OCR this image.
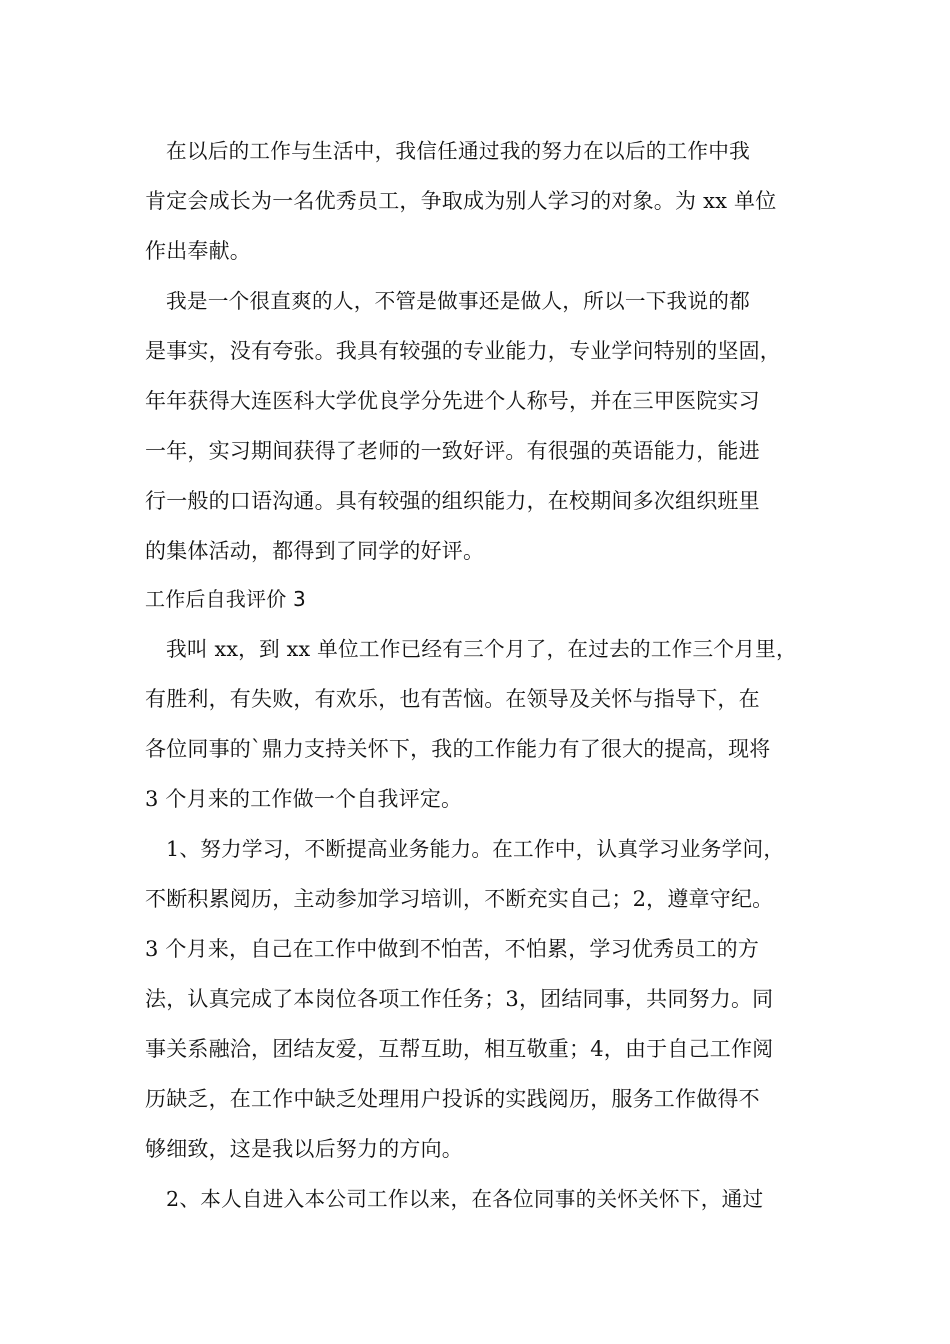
在以后的工作与生活中，我信任通过我的努力在以后的工作中我
肯定会成长为一名优秀员工，争取成为别人学习的对象。为 xx 单位
作出奉献。
我是一个很直爽的人，不管是做事还是做人，所以一下我说的都
是事实，没有夸张。我具有较强的专业能力，专业学问特别的坚固，
年年获得大连医科大学优良学分先进个人称号，并在三甲医院实习
一年，实习期间获得了老师的一致好评。有很强的英语能力，能进
行一般的口语沟通。具有较强的组织能力，在校期间多次组织班里
的集体活动，都得到了同学的好评。
工作后自我评价 3
我叫 xx，到 xx 单位工作已经有三个月了，在过去的工作三个月里，
有胜利，有失败，有欢乐，也有苦恼。在领导及关怀与指导下，在
各位同事的`鼎力支持关怀下，我的工作能力有了很大的提高，现将
3 个月来的工作做一个自我评定。
1、努力学习，不断提高业务能力。在工作中，认真学习业务学问，
不断积累阅历，主动参加学习培训，不断充实自己；2，遵章守纪。
3 个月来，自己在工作中做到不怕苦，不怕累，学习优秀员工的方
法，认真完成了本岗位各项工作任务；3，团结同事，共同努力。同
事关系融洽，团结友爱，互帮互助，相互敬重；4，由于自己工作阅
历缺乏，在工作中缺乏处理用户投诉的实践阅历，服务工作做得不
够细致，这是我以后努力的方向。
2、本人自进入本公司工作以来，在各位同事的关怀关怀下，通过
